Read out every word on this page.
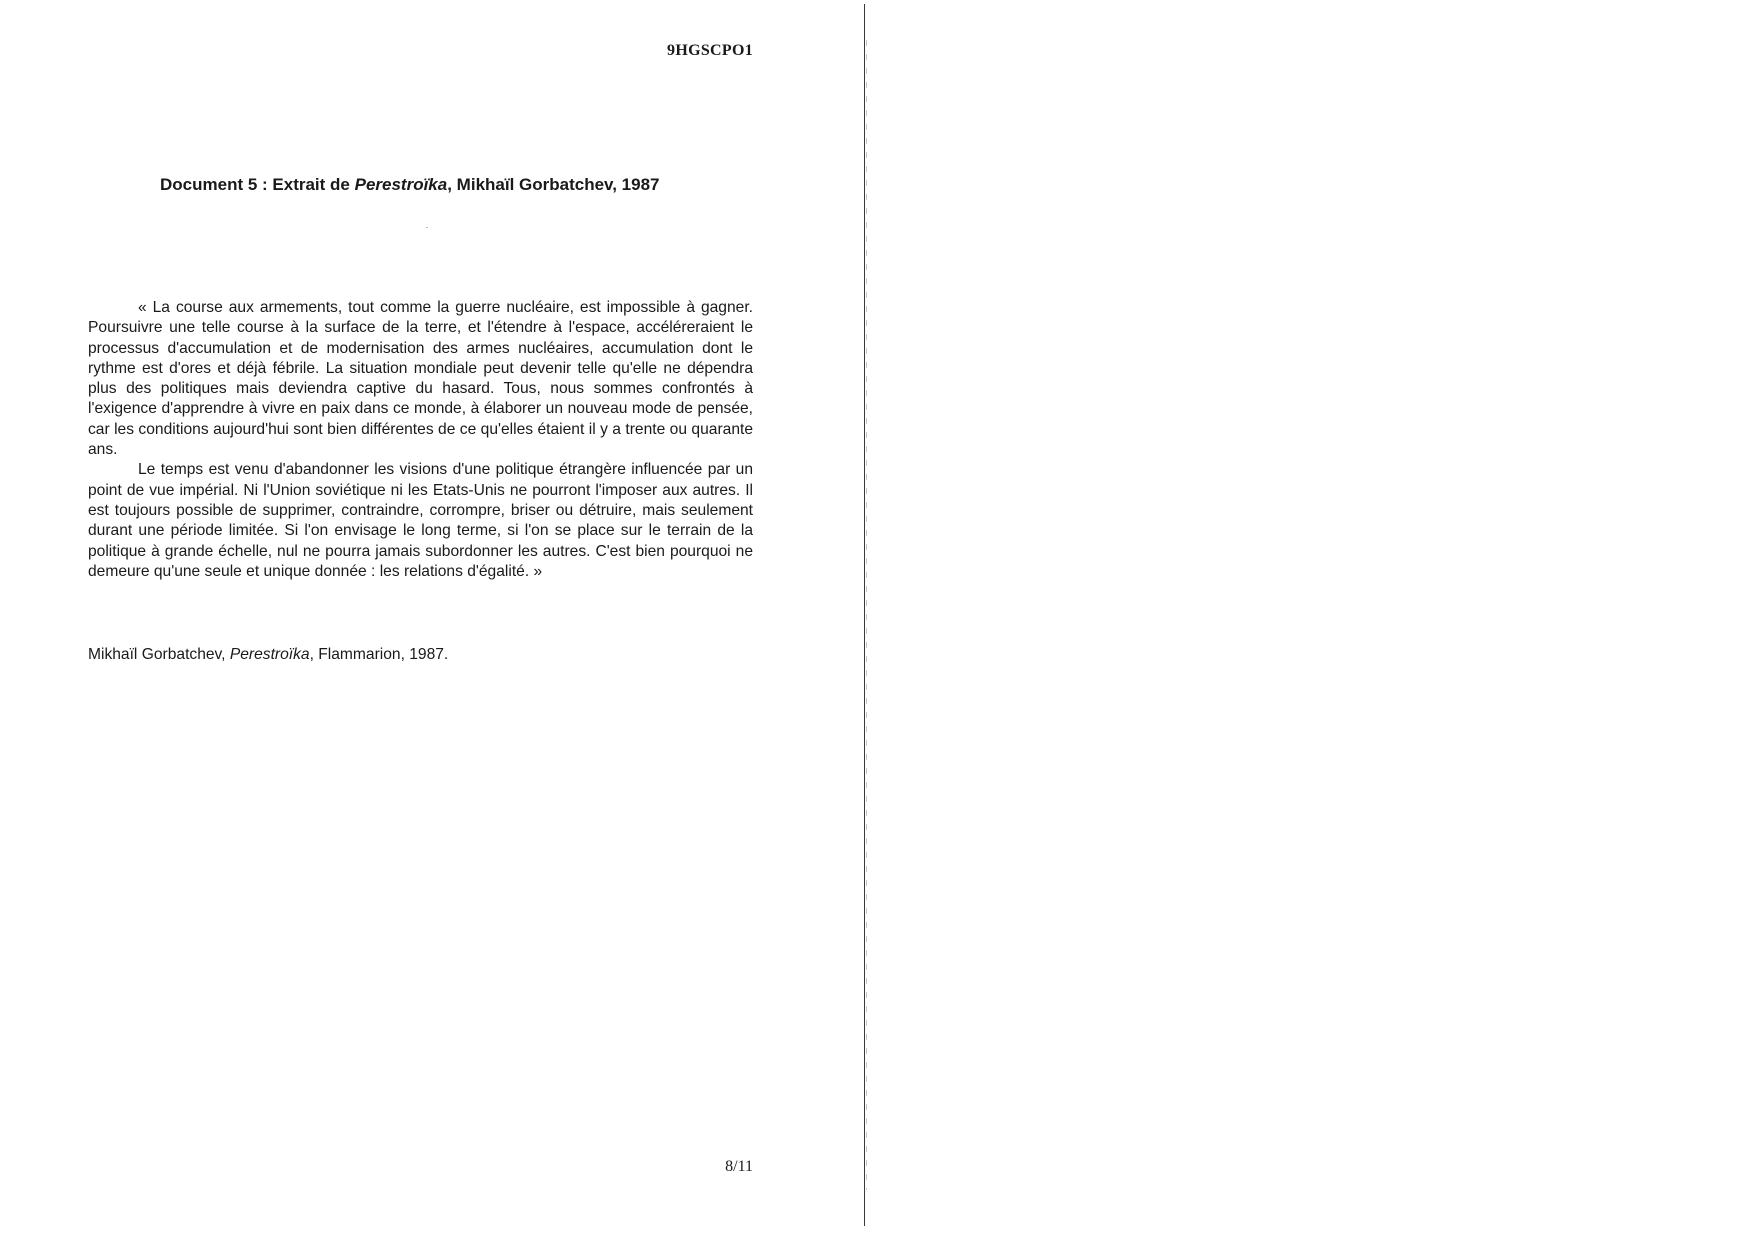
9HGSCPO1
Document 5 : Extrait de Perestroïka, Mikhaïl Gorbatchev, 1987

« La course aux armements, tout comme la guerre nucléaire, est impossible à gagner. Poursuivre une telle course à la surface de la terre, et l'étendre à l'espace, accéléreraient le processus d'accumulation et de modernisation des armes nucléaires, accumulation dont le rythme est d'ores et déjà fébrile. La situation mondiale peut devenir telle qu'elle ne dépendra plus des politiques mais deviendra captive du hasard. Tous, nous sommes confrontés à l'exigence d'apprendre à vivre en paix dans ce monde, à élaborer un nouveau mode de pensée, car les conditions aujourd'hui sont bien différentes de ce qu'elles étaient il y a trente ou quarante ans.

Le temps est venu d'abandonner les visions d'une politique étrangère influencée par un point de vue impérial. Ni l'Union soviétique ni les Etats-Unis ne pourront l'imposer aux autres. Il est toujours possible de supprimer, contraindre, corrompre, briser ou détruire, mais seulement durant une période limitée. Si l'on envisage le long terme, si l'on se place sur le terrain de la politique à grande échelle, nul ne pourra jamais subordonner les autres. C'est bien pourquoi ne demeure qu'une seule et unique donnée : les relations d'égalité. »

Mikhaïl Gorbatchev, Perestroïka, Flammarion, 1987.
8/11
